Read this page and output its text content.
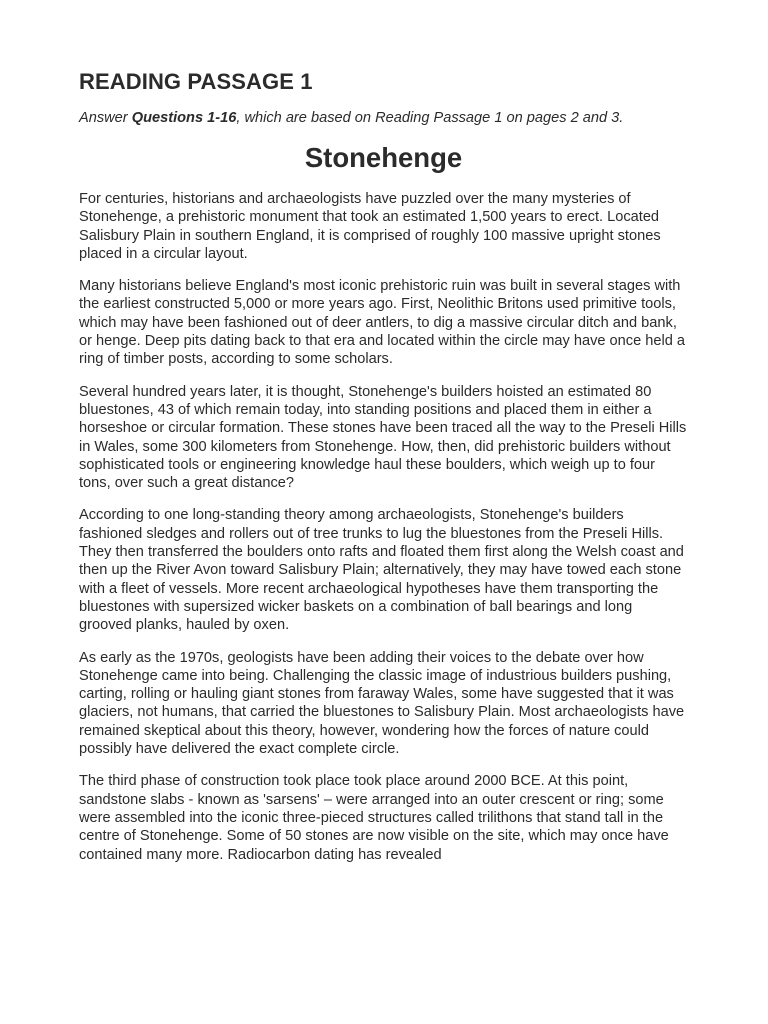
READING PASSAGE 1

Answer Questions 1-16, which are based on Reading Passage 1 on pages 2 and 3.

Stonehenge

For centuries, historians and archaeologists have puzzled over the many mysteries of Stonehenge, a prehistoric monument that took an estimated 1,500 years to erect. Located Salisbury Plain in southern England, it is comprised of roughly 100 massive upright stones placed in a circular layout.

Many historians believe England's most iconic prehistoric ruin was built in several stages with the earliest constructed 5,000 or more years ago. First, Neolithic Britons used primitive tools, which may have been fashioned out of deer antlers, to dig a massive circular ditch and bank, or henge. Deep pits dating back to that era and located within the circle may have once held a ring of timber posts, according to some scholars.

Several hundred years later, it is thought, Stonehenge's builders hoisted an estimated 80 bluestones, 43 of which remain today, into standing positions and placed them in either a horseshoe or circular formation. These stones have been traced all the way to the Preseli Hills in Wales, some 300 kilometers from Stonehenge. How, then, did prehistoric builders without sophisticated tools or engineering knowledge haul these boulders, which weigh up to four tons, over such a great distance?

According to one long-standing theory among archaeologists, Stonehenge's builders fashioned sledges and rollers out of tree trunks to lug the bluestones from the Preseli Hills. They then transferred the boulders onto rafts and floated them first along the Welsh coast and then up the River Avon toward Salisbury Plain; alternatively, they may have towed each stone with a fleet of vessels. More recent archaeological hypotheses have them transporting the bluestones with supersized wicker baskets on a combination of ball bearings and long grooved planks, hauled by oxen.

As early as the 1970s, geologists have been adding their voices to the debate over how Stonehenge came into being. Challenging the classic image of industrious builders pushing, carting, rolling or hauling giant stones from faraway Wales, some have suggested that it was glaciers, not humans, that carried the bluestones to Salisbury Plain. Most archaeologists have remained skeptical about this theory, however, wondering how the forces of nature could possibly have delivered the exact complete circle.

The third phase of construction took place took place around 2000 BCE. At this point, sandstone slabs - known as 'sarsens' – were arranged into an outer crescent or ring; some were assembled into the iconic three-pieced structures called trilithons that stand tall in the centre of Stonehenge. Some of 50 stones are now visible on the site, which may once have contained many more. Radiocarbon dating has revealed
